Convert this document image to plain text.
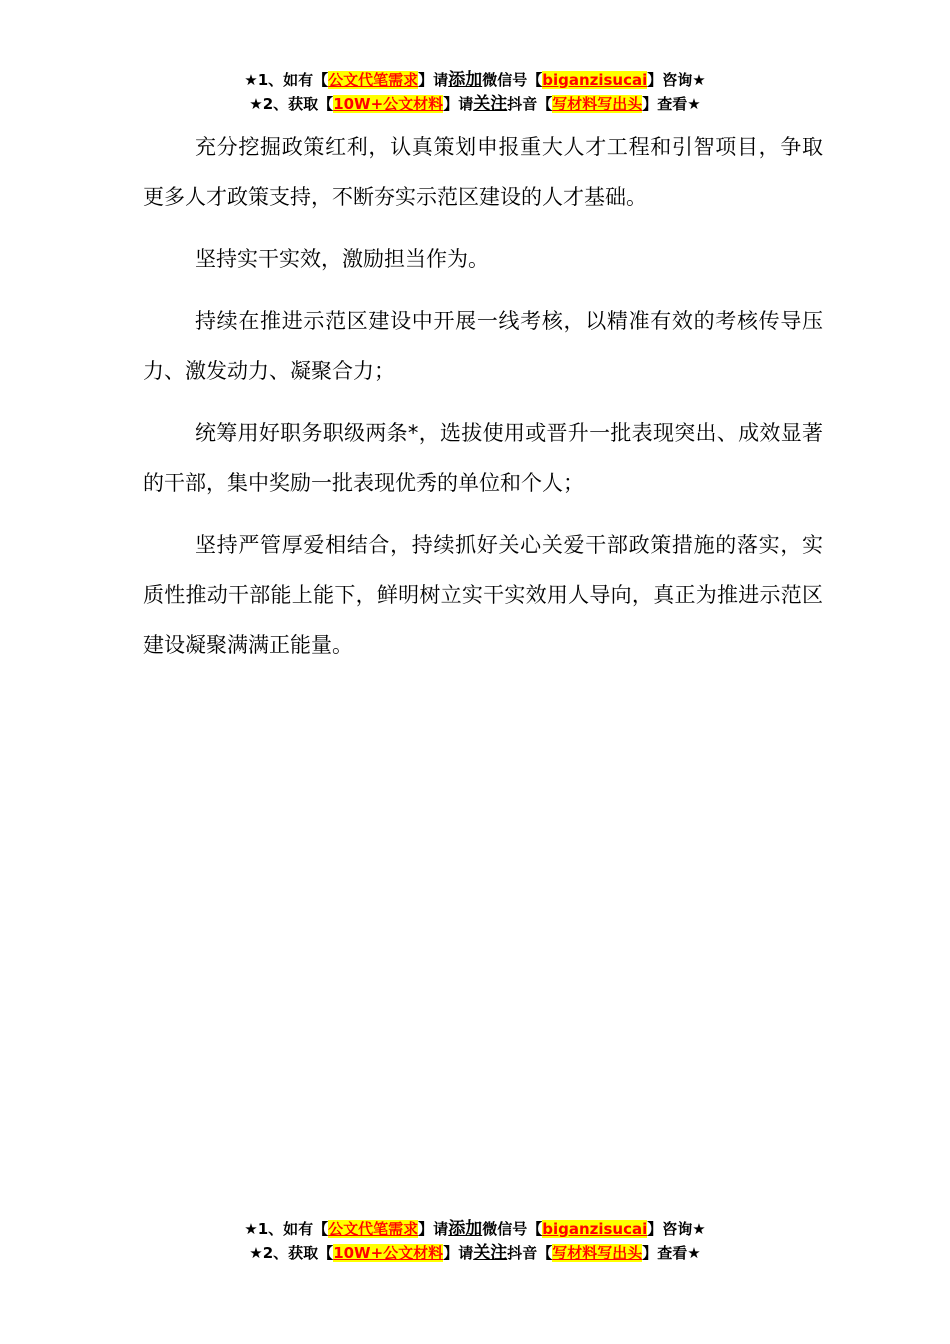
★1、如有【公文代笔需求】请添加微信号【biganzisucai】咨询★
★2、获取【10W+公文材料】请关注抖音【写材料写出头】查看★

充分挖掘政策红利，认真策划申报重大人才工程和引智项目，争取更多人才政策支持，不断夯实示范区建设的人才基础。

坚持实干实效，激励担当作为。

持续在推进示范区建设中开展一线考核，以精准有效的考核传导压力、激发动力、凝聚合力；

统筹用好职务职级两条*，选拔使用或晋升一批表现突出、成效显著的干部，集中奖励一批表现优秀的单位和个人；

坚持严管厚爱相结合，持续抓好关心关爱干部政策措施的落实，实质性推动干部能上能下，鲜明树立实干实效用人导向，真正为推进示范区建设凝聚满满正能量。

★1、如有【公文代笔需求】请添加微信号【biganzisucai】咨询★
★2、获取【10W+公文材料】请关注抖音【写材料写出头】查看★
